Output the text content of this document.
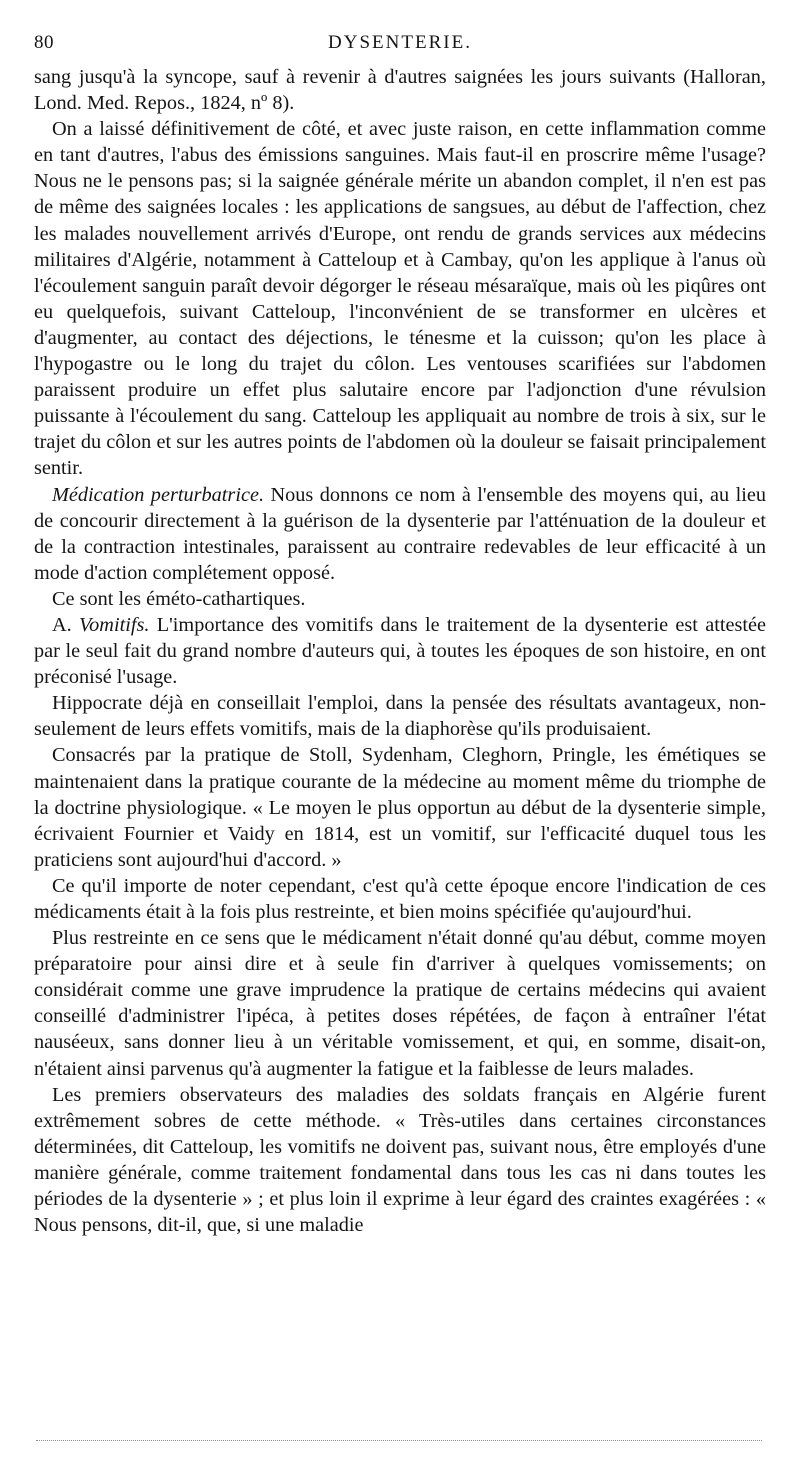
80	DYSENTERIE.

sang jusqu'à la syncope, sauf à revenir à d'autres saignées les jours suivants (Halloran, Lond. Med. Repos., 1824, nº 8).

On a laissé définitivement de côté, et avec juste raison, en cette inflammation comme en tant d'autres, l'abus des émissions sanguines. Mais faut-il en proscrire même l'usage? Nous ne le pensons pas; si la saignée générale mérite un abandon complet, il n'en est pas de même des saignées locales : les applications de sangsues, au début de l'affection, chez les malades nouvellement arrivés d'Europe, ont rendu de grands services aux médecins militaires d'Algérie, notamment à Catteloup et à Cambay, qu'on les applique à l'anus où l'écoulement sanguin paraît devoir dégorger le réseau mésaraïque, mais où les piqûres ont eu quelquefois, suivant Catteloup, l'inconvénient de se transformer en ulcères et d'augmenter, au contact des déjections, le ténesme et la cuisson; qu'on les place à l'hypogastre ou le long du trajet du côlon. Les ventouses scarifiées sur l'abdomen paraissent produire un effet plus salutaire encore par l'adjonction d'une révulsion puissante à l'écoulement du sang. Catteloup les appliquait au nombre de trois à six, sur le trajet du côlon et sur les autres points de l'abdomen où la douleur se faisait principalement sentir.

Médication perturbatrice. Nous donnons ce nom à l'ensemble des moyens qui, au lieu de concourir directement à la guérison de la dysenterie par l'atténuation de la douleur et de la contraction intestinales, paraissent au contraire redevables de leur efficacité à un mode d'action complétement opposé.

Ce sont les éméto-cathartiques.

A. Vomitifs. L'importance des vomitifs dans le traitement de la dysenterie est attestée par le seul fait du grand nombre d'auteurs qui, à toutes les époques de son histoire, en ont préconisé l'usage.

Hippocrate déjà en conseillait l'emploi, dans la pensée des résultats avantageux, non-seulement de leurs effets vomitifs, mais de la diaphorèse qu'ils produisaient.

Consacrés par la pratique de Stoll, Sydenham, Cleghorn, Pringle, les émétiques se maintenaient dans la pratique courante de la médecine au moment même du triomphe de la doctrine physiologique. « Le moyen le plus opportun au début de la dysenterie simple, écrivaient Fournier et Vaidy en 1814, est un vomitif, sur l'efficacité duquel tous les praticiens sont aujourd'hui d'accord. »

Ce qu'il importe de noter cependant, c'est qu'à cette époque encore l'indication de ces médicaments était à la fois plus restreinte, et bien moins spécifiée qu'aujourd'hui.

Plus restreinte en ce sens que le médicament n'était donné qu'au début, comme moyen préparatoire pour ainsi dire et à seule fin d'arriver à quelques vomissements; on considérait comme une grave imprudence la pratique de certains médecins qui avaient conseillé d'administrer l'ipéca, à petites doses répétées, de façon à entraîner l'état nauséeux, sans donner lieu à un véritable vomissement, et qui, en somme, disait-on, n'étaient ainsi parvenus qu'à augmenter la fatigue et la faiblesse de leurs malades.

Les premiers observateurs des maladies des soldats français en Algérie furent extrêmement sobres de cette méthode. « Très-utiles dans certaines circonstances déterminées, dit Catteloup, les vomitifs ne doivent pas, suivant nous, être employés d'une manière générale, comme traitement fondamental dans tous les cas ni dans toutes les périodes de la dysenterie » ; et plus loin il exprime à leur égard des craintes exagérées : « Nous pensons, dit-il, que, si une maladie
